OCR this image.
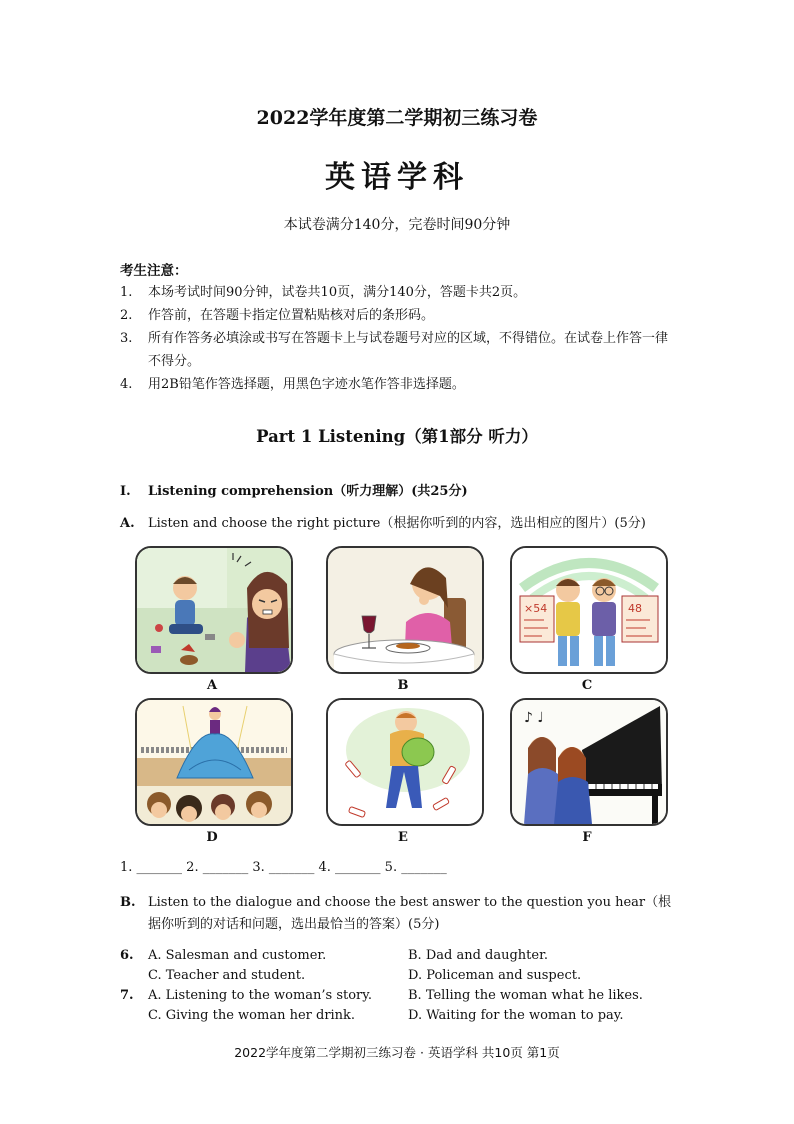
2022学年度第二学期初三练习卷
英语学科
本试卷满分140分，完卷时间90分钟
考生注意：
1.	本场考试时间90分钟，试卷共10页，满分140分，答题卡共2页。
2.	作答前，在答题卡指定位置粘贴核对后的条形码。
3.	所有作答务必填涂或书写在答题卡上与试卷题号对应的区域，不得错位。在试卷上作答一律不得分。
4.	用2B铅笔作答选择题，用黑色字迹水笔作答非选择题。
Part 1 Listening（第1部分 听力）
I. Listening comprehension（听力理解）(共25分)
A. Listen and choose the right picture（根据你听到的内容，选出相应的图片）(5分)
A	B
×54	48
C
D	E
♪ ♩
F
1. _______ 2. _______ 3. _______ 4. _______ 5. _______
B. Listen to the dialogue and choose the best answer to the question you hear（根据你听到的对话和问题，选出最恰当的答案）(5分)
6. A. Salesman and customer.	B. Dad and daughter.
C. Teacher and student.	D. Policeman and suspect.
7. A. Listening to the woman’s story.	B. Telling the woman what he likes.
C. Giving the woman her drink.	D. Waiting for the woman to pay.
2022学年度第二学期初三练习卷 · 英语学科 共10页 第1页
